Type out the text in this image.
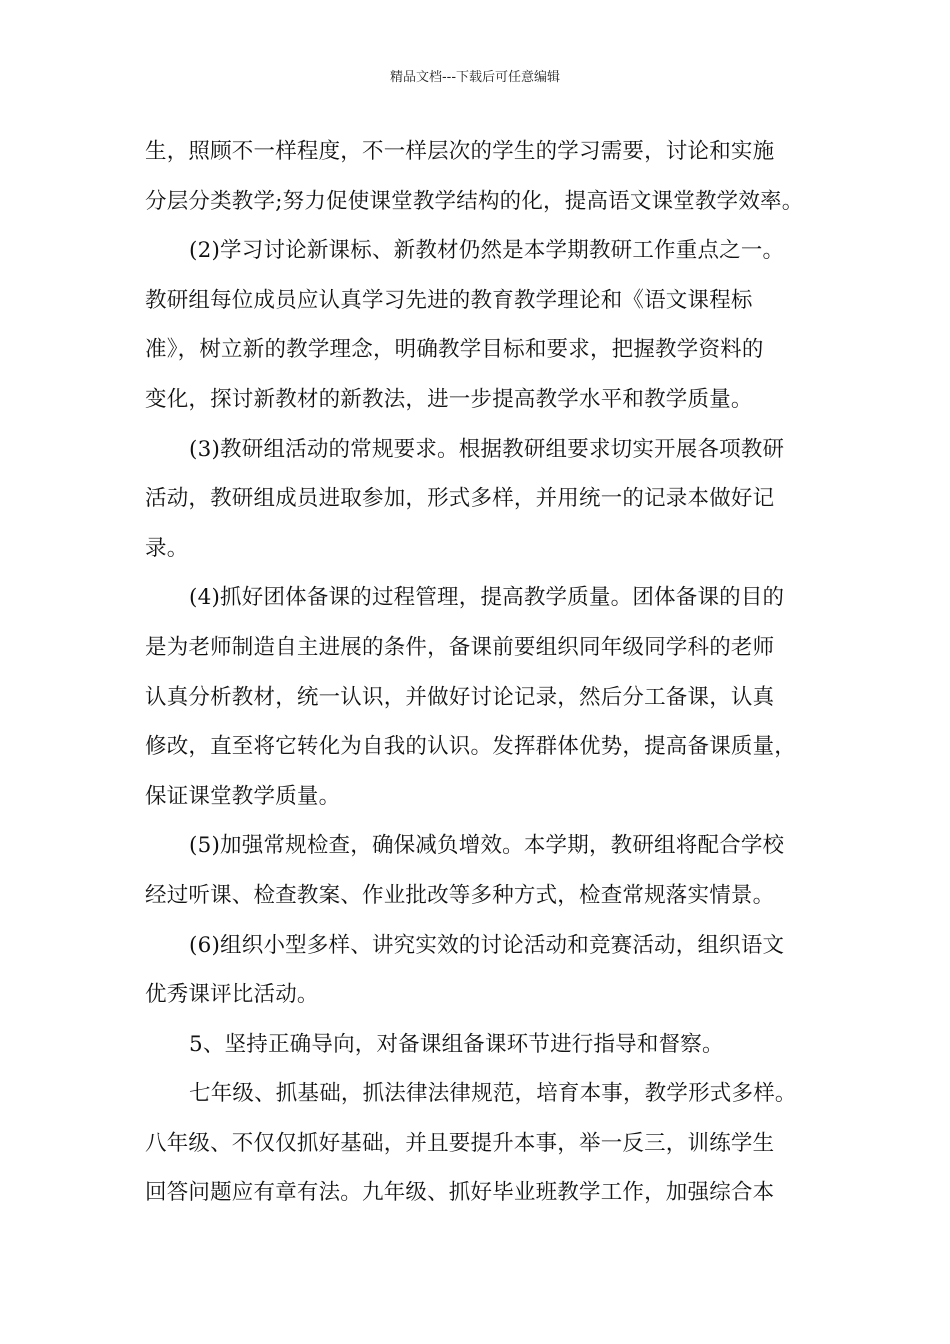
精品文档---下载后可任意编辑
生，照顾不一样程度，不一样层次的学生的学习需要，讨论和实施
分层分类教学;努力促使课堂教学结构的化，提高语文课堂教学效率。
(2)学习讨论新课标、新教材仍然是本学期教研工作重点之一。
教研组每位成员应认真学习先进的教育教学理论和《语文课程标
准》，树立新的教学理念，明确教学目标和要求，把握教学资料的
变化，探讨新教材的新教法，进一步提高教学水平和教学质量。
(3)教研组活动的常规要求。根据教研组要求切实开展各项教研
活动，教研组成员进取参加，形式多样，并用统一的记录本做好记
录。
(4)抓好团体备课的过程管理，提高教学质量。团体备课的目的
是为老师制造自主进展的条件，备课前要组织同年级同学科的老师
认真分析教材，统一认识，并做好讨论记录，然后分工备课，认真
修改，直至将它转化为自我的认识。发挥群体优势，提高备课质量，
保证课堂教学质量。
(5)加强常规检查，确保减负增效。本学期，教研组将配合学校
经过听课、检查教案、作业批改等多种方式，检查常规落实情景。
(6)组织小型多样、讲究实效的讨论活动和竞赛活动，组织语文
优秀课评比活动。
5、坚持正确导向，对备课组备课环节进行指导和督察。
七年级、抓基础，抓法律法律规范，培育本事，教学形式多样。
八年级、不仅仅抓好基础，并且要提升本事，举一反三，训练学生
回答问题应有章有法。九年级、抓好毕业班教学工作，加强综合本
